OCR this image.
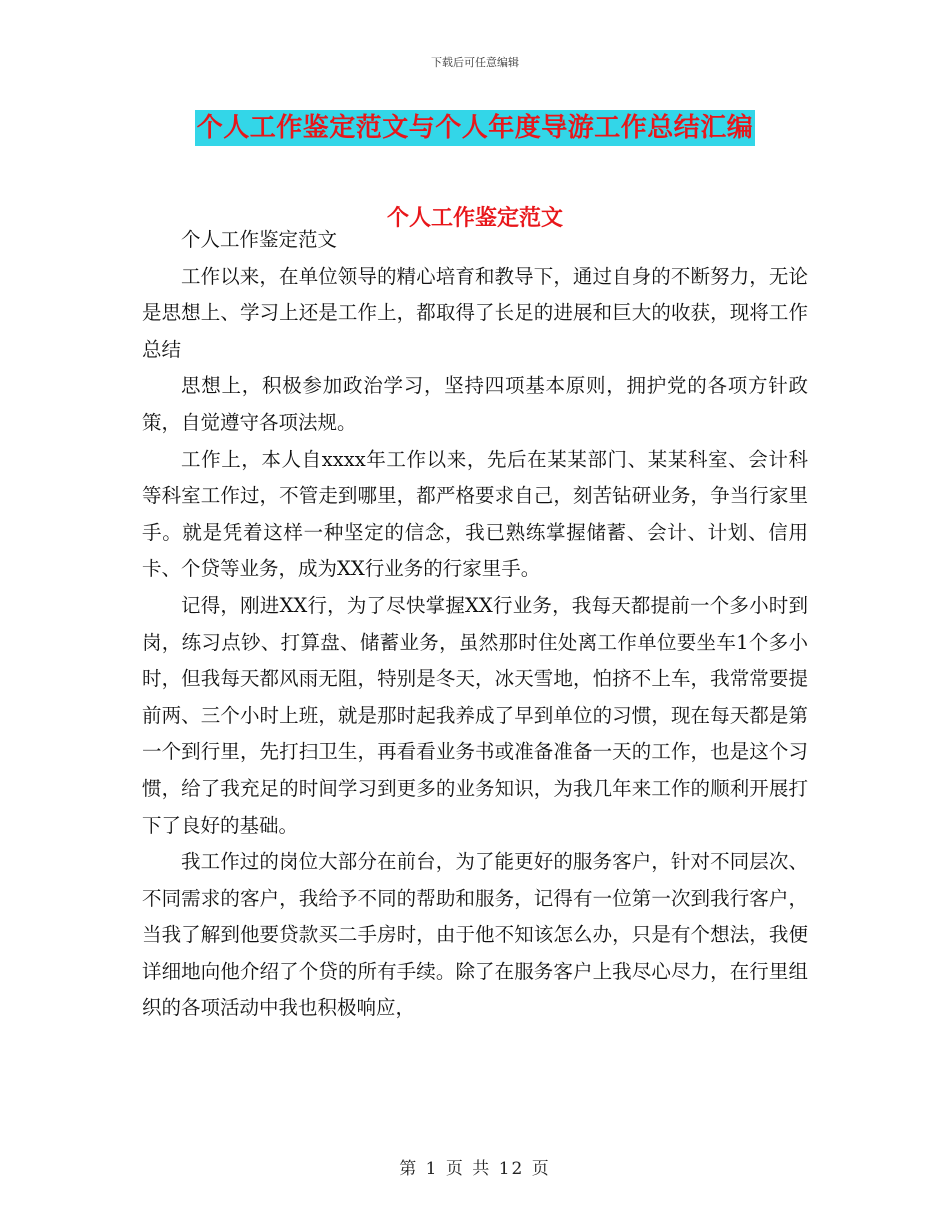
下载后可任意编辑
个人工作鉴定范文与个人年度导游工作总结汇编
个人工作鉴定范文

个人工作鉴定范文

工作以来，在单位领导的精心培育和教导下，通过自身的不断努力，无论是思想上、学习上还是工作上，都取得了长足的进展和巨大的收获，现将工作总结

思想上，积极参加政治学习，坚持四项基本原则，拥护党的各项方针政策，自觉遵守各项法规。

工作上，本人自xxxx年工作以来，先后在某某部门、某某科室、会计科等科室工作过，不管走到哪里，都严格要求自己，刻苦钻研业务，争当行家里手。就是凭着这样一种坚定的信念，我已熟练掌握储蓄、会计、计划、信用卡、个贷等业务，成为XX行业务的行家里手。

记得，刚进XX行，为了尽快掌握XX行业务，我每天都提前一个多小时到岗，练习点钞、打算盘、储蓄业务，虽然那时住处离工作单位要坐车1个多小时，但我每天都风雨无阻，特别是冬天，冰天雪地，怕挤不上车，我常常要提前两、三个小时上班，就是那时起我养成了早到单位的习惯，现在每天都是第一个到行里，先打扫卫生，再看看业务书或准备准备一天的工作，也是这个习惯，给了我充足的时间学习到更多的业务知识，为我几年来工作的顺利开展打下了良好的基础。

我工作过的岗位大部分在前台，为了能更好的服务客户，针对不同层次、不同需求的客户，我给予不同的帮助和服务，记得有一位第一次到我行客户，当我了解到他要贷款买二手房时，由于他不知该怎么办，只是有个想法，我便详细地向他介绍了个贷的所有手续。除了在服务客户上我尽心尽力，在行里组织的各项活动中我也积极响应，

第 1 页 共 12 页
